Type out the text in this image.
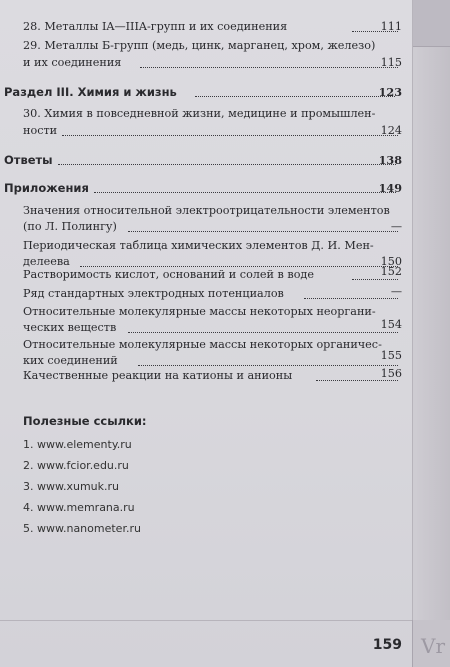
28. Металлы IA—IIIA-групп и их соединения	111
29. Металлы Б-групп (медь, цинк, марганец, хром, железо)
и их соединения	115
Раздел III. Химия и жизнь	123
30. Химия в повседневной жизни, медицине и промышлен-
ности	124
Ответы	138
Приложения	149
Значения относительной электроотрицательности элементов
(по Л. Полингу)	—
Периодическая таблица химических элементов Д. И. Мен-
делеева	150
Растворимость кислот, оснований и солей в воде	152
Ряд стандартных электродных потенциалов	—
Относительные молекулярные массы некоторых неоргани-
ческих веществ	154
Относительные молекулярные массы некоторых органичес-
ких соединений	155
Качественные реакции на катионы и анионы	156
Полезные ссылки:
1. www.elementy.ru
2. www.fcior.edu.ru
3. www.xumuk.ru
4. www.memrana.ru
5. www.nanometer.ru
159 Vr
